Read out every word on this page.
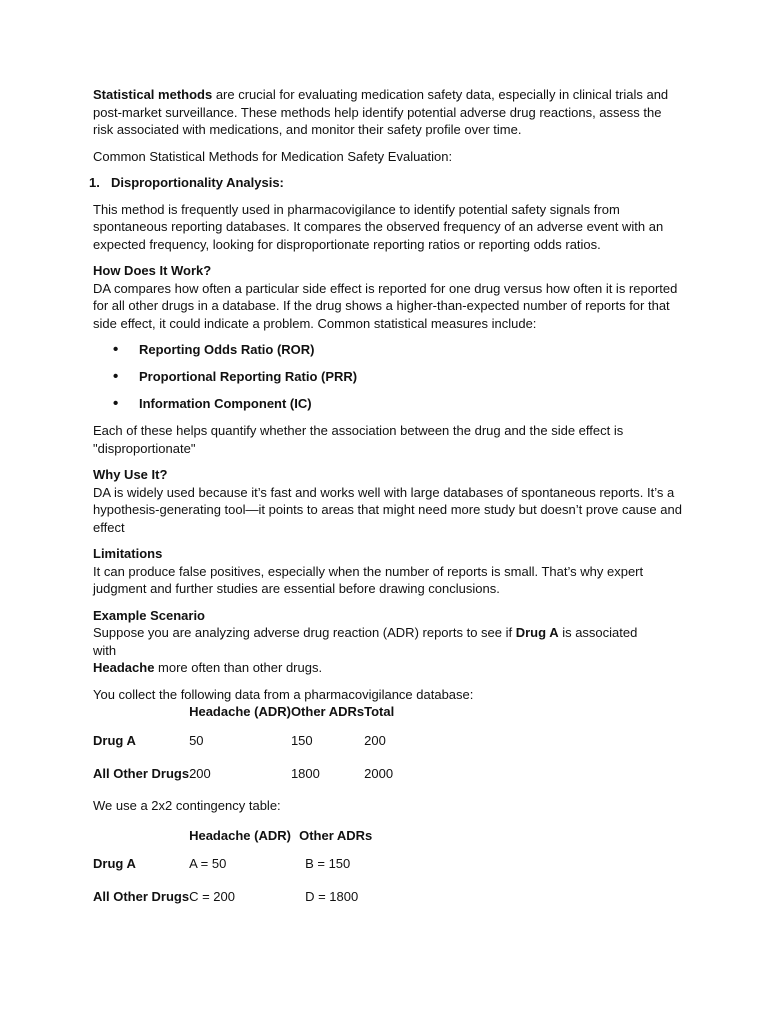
Statistical methods are crucial for evaluating medication safety data, especially in clinical trials and post-market surveillance. These methods help identify potential adverse drug reactions, assess the risk associated with medications, and monitor their safety profile over time.

Common Statistical Methods for Medication Safety Evaluation:

1. Disproportionality Analysis:

This method is frequently used in pharmacovigilance to identify potential safety signals from spontaneous reporting databases. It compares the observed frequency of an adverse event with an expected frequency, looking for disproportionate reporting ratios or reporting odds ratios.

How Does It Work?

DA compares how often a particular side effect is reported for one drug versus how often it is reported for all other drugs in a database. If the drug shows a higher-than-expected number of reports for that side effect, it could indicate a problem. Common statistical measures include:

•	Reporting Odds Ratio (ROR)
•	Proportional Reporting Ratio (PRR)
•	Information Component (IC)

Each of these helps quantify whether the association between the drug and the side effect is "disproportionate"

Why Use It?

DA is widely used because it’s fast and works well with large databases of spontaneous reports. It’s a hypothesis-generating tool—it points to areas that might need more study but doesn’t prove cause and effect

Limitations

It can produce false positives, especially when the number of reports is small. That’s why expert judgment and further studies are essential before drawing conclusions.

Example Scenario

Suppose you are analyzing adverse drug reaction (ADR) reports to see if Drug A is associated
with
Headache more often than other drugs.

You collect the following data from a pharmacovigilance database:

	Headache (ADR)	Other ADRs	Total
Drug A	50	150	200
All Other Drugs	200	1800	2000

We use a 2x2 contingency table:

	Headache (ADR)	Other ADRs
Drug A	A = 50	B = 150
All Other Drugs	C = 200	D = 1800
